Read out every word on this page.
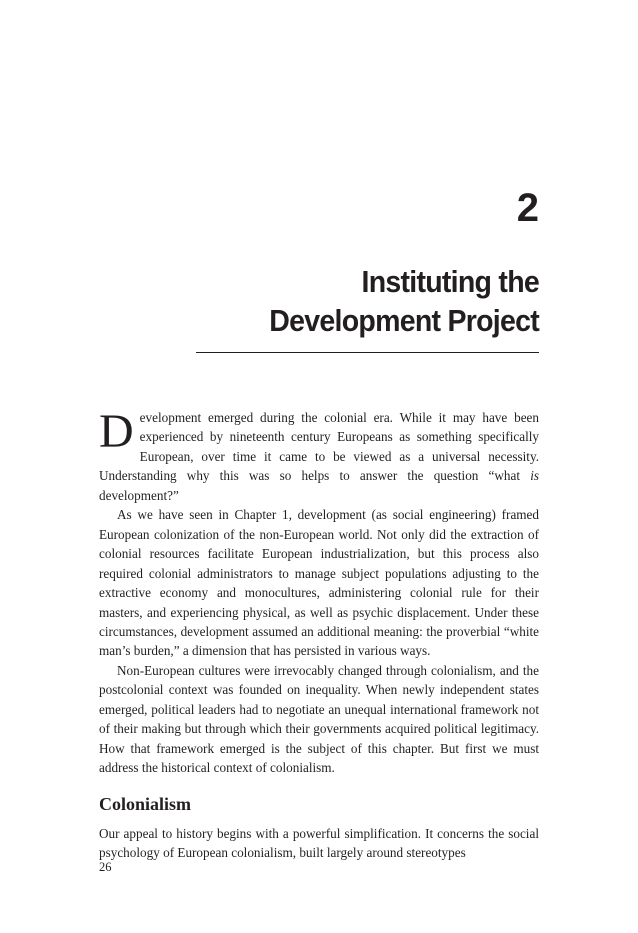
2
Instituting the
Development Project

Development emerged during the colonial era. While it may have been experienced by nineteenth century Europeans as something specifically European, over time it came to be viewed as a universal necessity. Understanding why this was so helps to answer the question “what is development?”

As we have seen in Chapter 1, development (as social engineering) framed European colonization of the non-European world. Not only did the extraction of colonial resources facilitate European industrialization, but this process also required colonial administrators to manage subject populations adjusting to the extractive economy and monocultures, administering colonial rule for their masters, and experiencing physical, as well as psychic displacement. Under these circumstances, development assumed an additional meaning: the proverbial “white man’s burden,” a dimension that has persisted in various ways.

Non-European cultures were irrevocably changed through colonialism, and the postcolonial context was founded on inequality. When newly independent states emerged, political leaders had to negotiate an unequal international framework not of their making but through which their governments acquired political legitimacy. How that framework emerged is the subject of this chapter. But first we must address the historical context of colonialism.

Colonialism

Our appeal to history begins with a powerful simplification. It concerns the social psychology of European colonialism, built largely around stereotypes

26
